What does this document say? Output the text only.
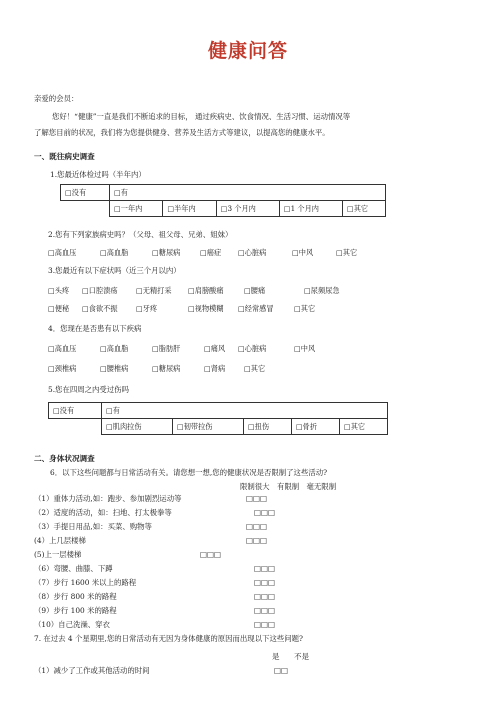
健康问答
亲爱的会员：
您好！“健康”一直是我们不断追求的目标， 通过疾病史、饮食情况、生活习惯、运动情况等
了解您目前的状况，我们将为您提供健身、营养及生活方式等建议，以提高您的健康水平。
一、既往病史调查
1.您最近体检过吗（半年内）
□没有	□有				
	□一年内	□半年内	□3 个月内	□1 个月内	□其它
2.您有下列家族病史吗？（父母、祖父母、兄弟、姐妹）
□高血压	□高血脂	□糖尿病	□癌症 □心脏病	□中风	□其它
3.您最近有以下症状吗（近三个月以内）
□头疼 □口腔溃疡	□无精打采 □肩膀酸痛	□腰痛	□尿频尿急
□便秘 □食欲不振	□牙疼	□视物模糊 □经常感冒	□其它
4．您现在是否患有以下疾病
□高血压	□高血脂	□脂肪肝	□痛风 □心脏病	□中风
□颈椎病	□腰椎病	□糖尿病	□肾病	□其它
5.您在四周之内受过伤吗
□没有	□有				
	□肌肉拉伤	□韧带拉伤	□扭伤	□骨折	□其它
二、身体状况调查
6．以下这些问题都与日常活动有关。请您想一想,您的健康状况是否限制了这些活动?
限制很大　有限制　毫无限制
（1）重体力活动,如：跑步、参加剧烈运动等	□□□
（2）适度的活动，如：扫地、打太极拳等	□□□
（3）手提日用品,如：买菜、购物等	□□□
(4）上几层楼梯	□□□
(5)上一层楼梯	□□□
（6）弯腰、曲膝、下蹲	□□□
（7）步行 1600 米以上的路程	□□□
（8）步行 800 米的路程	□□□
（9）步行 100 米的路程	□□□
（10）自己洗澡、穿衣	□□□
7. 在过去 4 个星期里,您的日常活动有无因为身体健康的原因而出现以下这些问题?
是　　不是
（1）减少了工作或其他活动的时间	□□
